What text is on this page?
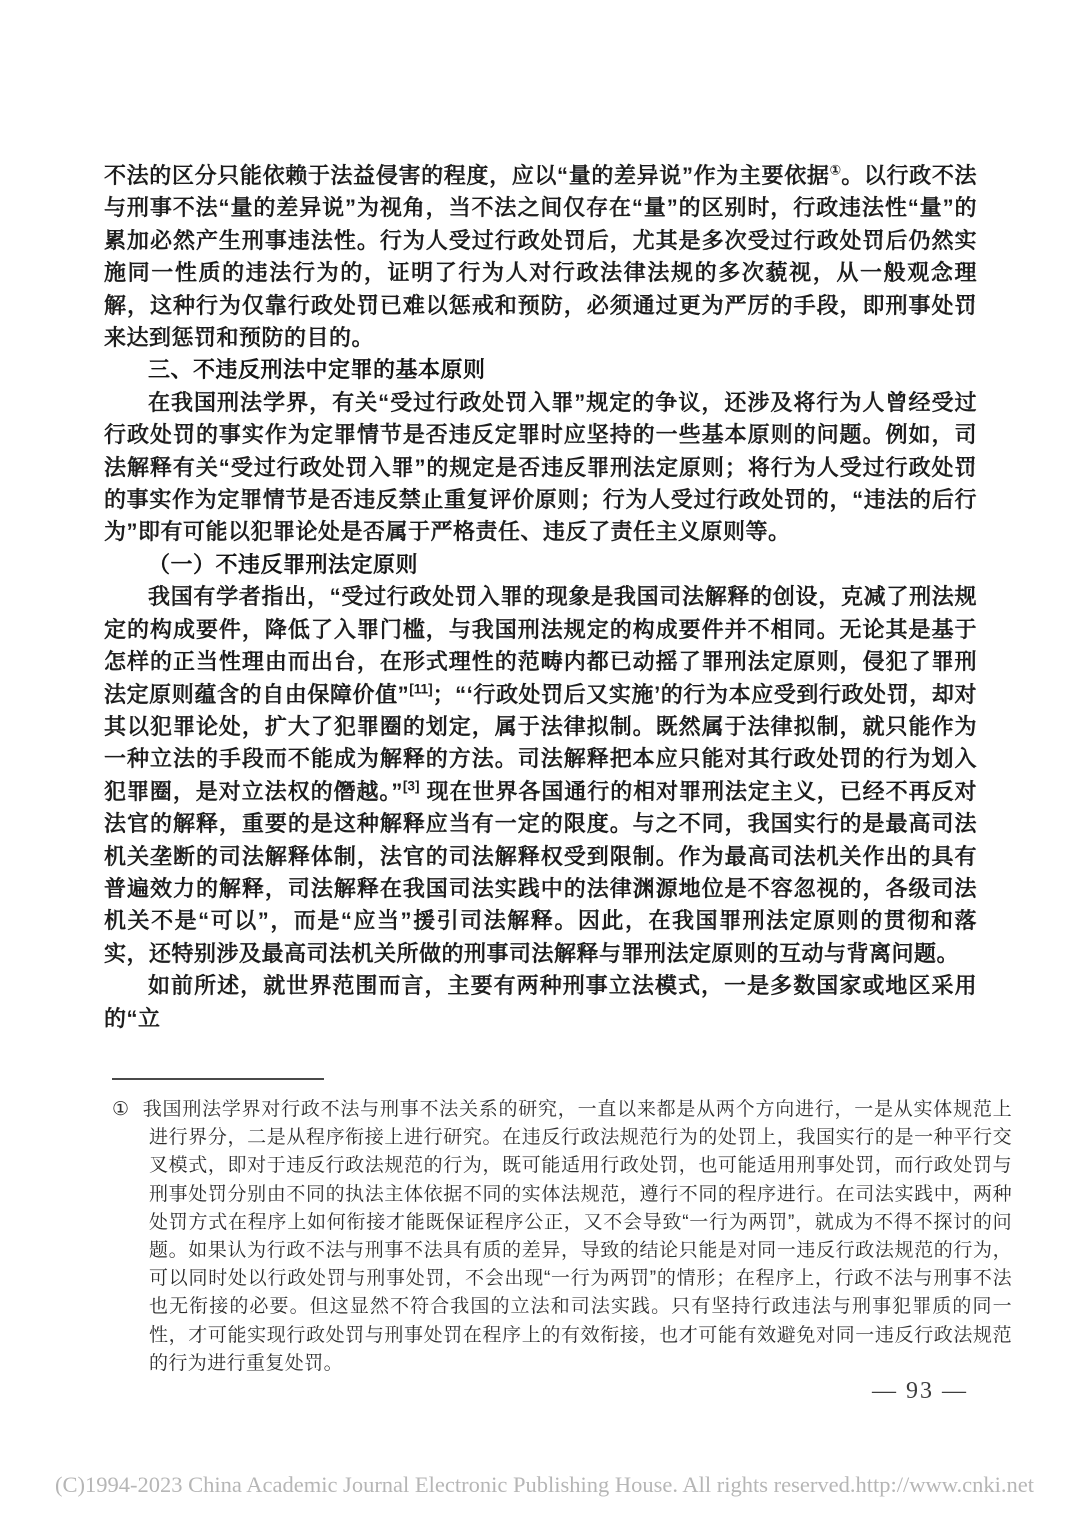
不法的区分只能依赖于法益侵害的程度，应以“量的差异说”作为主要依据①。以行政不法与刑事不法“量的差异说”为视角，当不法之间仅存在“量”的区别时，行政违法性“量”的累加必然产生刑事违法性。行为人受过行政处罚后，尤其是多次受过行政处罚后仍然实施同一性质的违法行为的，证明了行为人对行政法律法规的多次藐视，从一般观念理解，这种行为仅靠行政处罚已难以惩戒和预防，必须通过更为严厉的手段，即刑事处罚来达到惩罚和预防的目的。

三、不违反刑法中定罪的基本原则

在我国刑法学界，有关“受过行政处罚入罪”规定的争议，还涉及将行为人曾经受过行政处罚的事实作为定罪情节是否违反定罪时应坚持的一些基本原则的问题。例如，司法解释有关“受过行政处罚入罪”的规定是否违反罪刑法定原则；将行为人受过行政处罚的事实作为定罪情节是否违反禁止重复评价原则；行为人受过行政处罚的，“违法的后行为”即有可能以犯罪论处是否属于严格责任、违反了责任主义原则等。

（一）不违反罪刑法定原则

我国有学者指出，“受过行政处罚入罪的现象是我国司法解释的创设，克减了刑法规定的构成要件，降低了入罪门槛，与我国刑法规定的构成要件并不相同。无论其是基于怎样的正当性理由而出台，在形式理性的范畴内都已动摇了罪刑法定原则，侵犯了罪刑法定原则蕴含的自由保障价值”[11]；“‘行政处罚后又实施’的行为本应受到行政处罚，却对其以犯罪论处，扩大了犯罪圈的划定，属于法律拟制。既然属于法律拟制，就只能作为一种立法的手段而不能成为解释的方法。司法解释把本应只能对其行政处罚的行为划入犯罪圈，是对立法权的僭越。”[3] 现在世界各国通行的相对罪刑法定主义，已经不再反对法官的解释，重要的是这种解释应当有一定的限度。与之不同，我国实行的是最高司法机关垄断的司法解释体制，法官的司法解释权受到限制。作为最高司法机关作出的具有普遍效力的解释，司法解释在我国司法实践中的法律渊源地位是不容忽视的，各级司法机关不是“可以”，而是“应当”援引司法解释。因此，在我国罪刑法定原则的贯彻和落实，还特别涉及最高司法机关所做的刑事司法解释与罪刑法定原则的互动与背离问题。

如前所述，就世界范围而言，主要有两种刑事立法模式，一是多数国家或地区采用的“立

① 我国刑法学界对行政不法与刑事不法关系的研究，一直以来都是从两个方向进行，一是从实体规范上进行界分，二是从程序衔接上进行研究。在违反行政法规范行为的处罚上，我国实行的是一种平行交叉模式，即对于违反行政法规范的行为，既可能适用行政处罚，也可能适用刑事处罚，而行政处罚与刑事处罚分别由不同的执法主体依据不同的实体法规范，遵行不同的程序进行。在司法实践中，两种处罚方式在程序上如何衔接才能既保证程序公正，又不会导致“一行为两罚”，就成为不得不探讨的问题。如果认为行政不法与刑事不法具有质的差异，导致的结论只能是对同一违反行政法规范的行为，可以同时处以行政处罚与刑事处罚，不会出现“一行为两罚”的情形；在程序上，行政不法与刑事不法也无衔接的必要。但这显然不符合我国的立法和司法实践。只有坚持行政违法与刑事犯罪质的同一性，才可能实现行政处罚与刑事处罚在程序上的有效衔接，也才可能有效避免对同一违反行政法规范的行为进行重复处罚。
— 93 —
(C)1994-2023 China Academic Journal Electronic Publishing House. All rights reserved. http://www.cnki.net
